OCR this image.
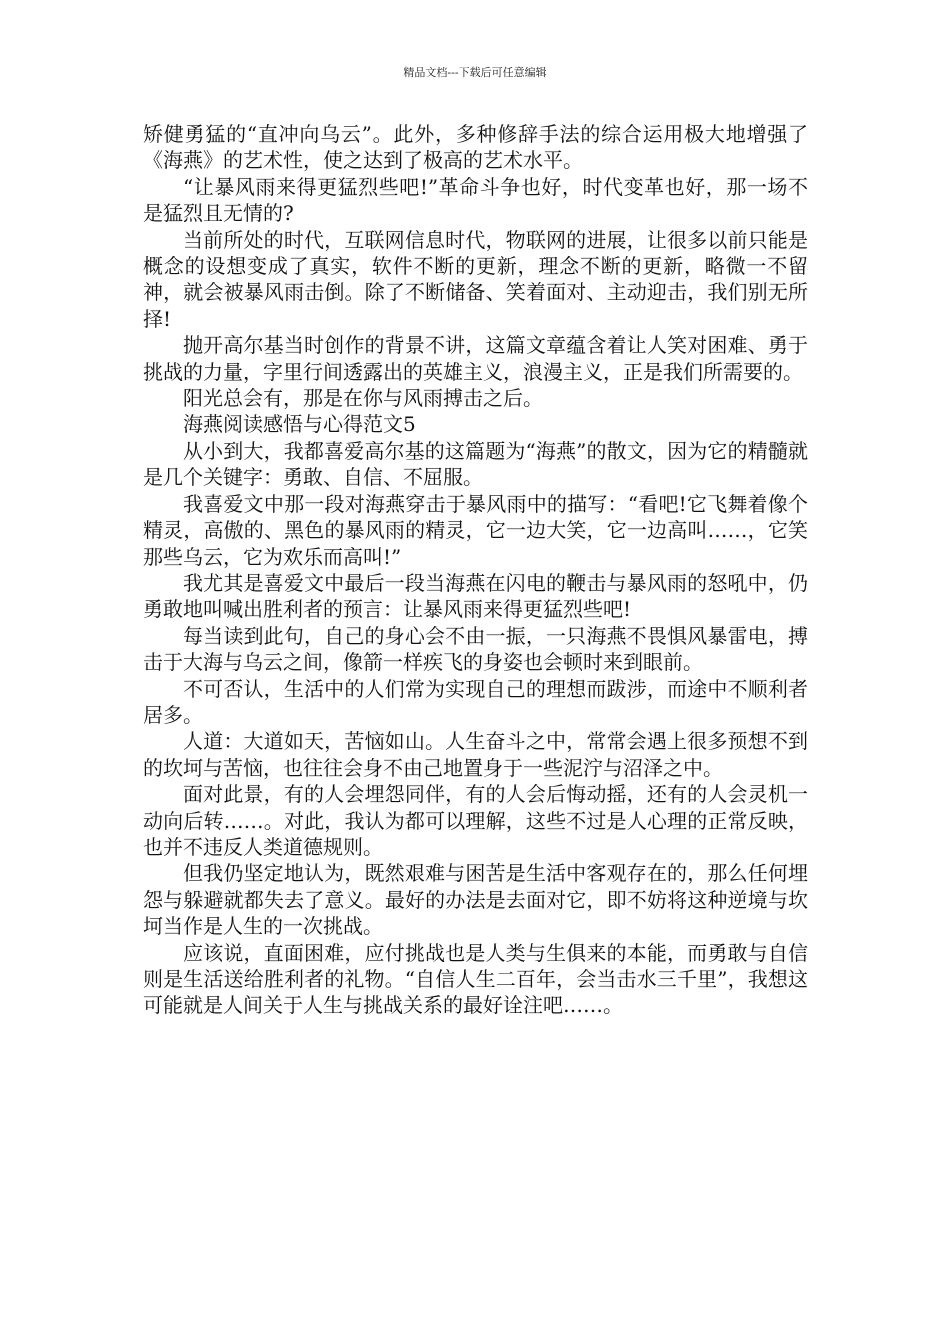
精品文档---下载后可任意编辑

矫健勇猛的“直冲向乌云”。此外，多种修辞手法的综合运用极大地增强了《海燕》的艺术性，使之达到了极高的艺术水平。

“让暴风雨来得更猛烈些吧!”革命斗争也好，时代变革也好，那一场不是猛烈且无情的?

当前所处的时代，互联网信息时代，物联网的进展，让很多以前只能是概念的设想变成了真实，软件不断的更新，理念不断的更新，略微一不留神，就会被暴风雨击倒。除了不断储备、笑着面对、主动迎击，我们别无所择!

抛开高尔基当时创作的背景不讲，这篇文章蕴含着让人笑对困难、勇于挑战的力量，字里行间透露出的英雄主义，浪漫主义，正是我们所需要的。

阳光总会有，那是在你与风雨搏击之后。

海燕阅读感悟与心得范文5

从小到大，我都喜爱高尔基的这篇题为“海燕”的散文，因为它的精髓就是几个关键字：勇敢、自信、不屈服。

我喜爱文中那一段对海燕穿击于暴风雨中的描写：“看吧!它飞舞着像个精灵，高傲的、黑色的暴风雨的精灵，它一边大笑，它一边高叫……，它笑那些乌云，它为欢乐而高叫!”

我尤其是喜爱文中最后一段当海燕在闪电的鞭击与暴风雨的怒吼中，仍勇敢地叫喊出胜利者的预言：让暴风雨来得更猛烈些吧!

每当读到此句，自己的身心会不由一振，一只海燕不畏惧风暴雷电，搏击于大海与乌云之间，像箭一样疾飞的身姿也会顿时来到眼前。

不可否认，生活中的人们常为实现自己的理想而跋涉，而途中不顺利者居多。

人道：大道如天，苦恼如山。人生奋斗之中，常常会遇上很多预想不到的坎坷与苦恼，也往往会身不由己地置身于一些泥泞与沼泽之中。

面对此景，有的人会埋怨同伴，有的人会后悔动摇，还有的人会灵机一动向后转……。对此，我认为都可以理解，这些不过是人心理的正常反映，也并不违反人类道德规则。

但我仍坚定地认为，既然艰难与困苦是生活中客观存在的，那么任何埋怨与躲避就都失去了意义。最好的办法是去面对它，即不妨将这种逆境与坎坷当作是人生的一次挑战。

应该说，直面困难，应付挑战也是人类与生俱来的本能，而勇敢与自信则是生活送给胜利者的礼物。“自信人生二百年，会当击水三千里”，我想这可能就是人间关于人生与挑战关系的最好诠注吧……。
